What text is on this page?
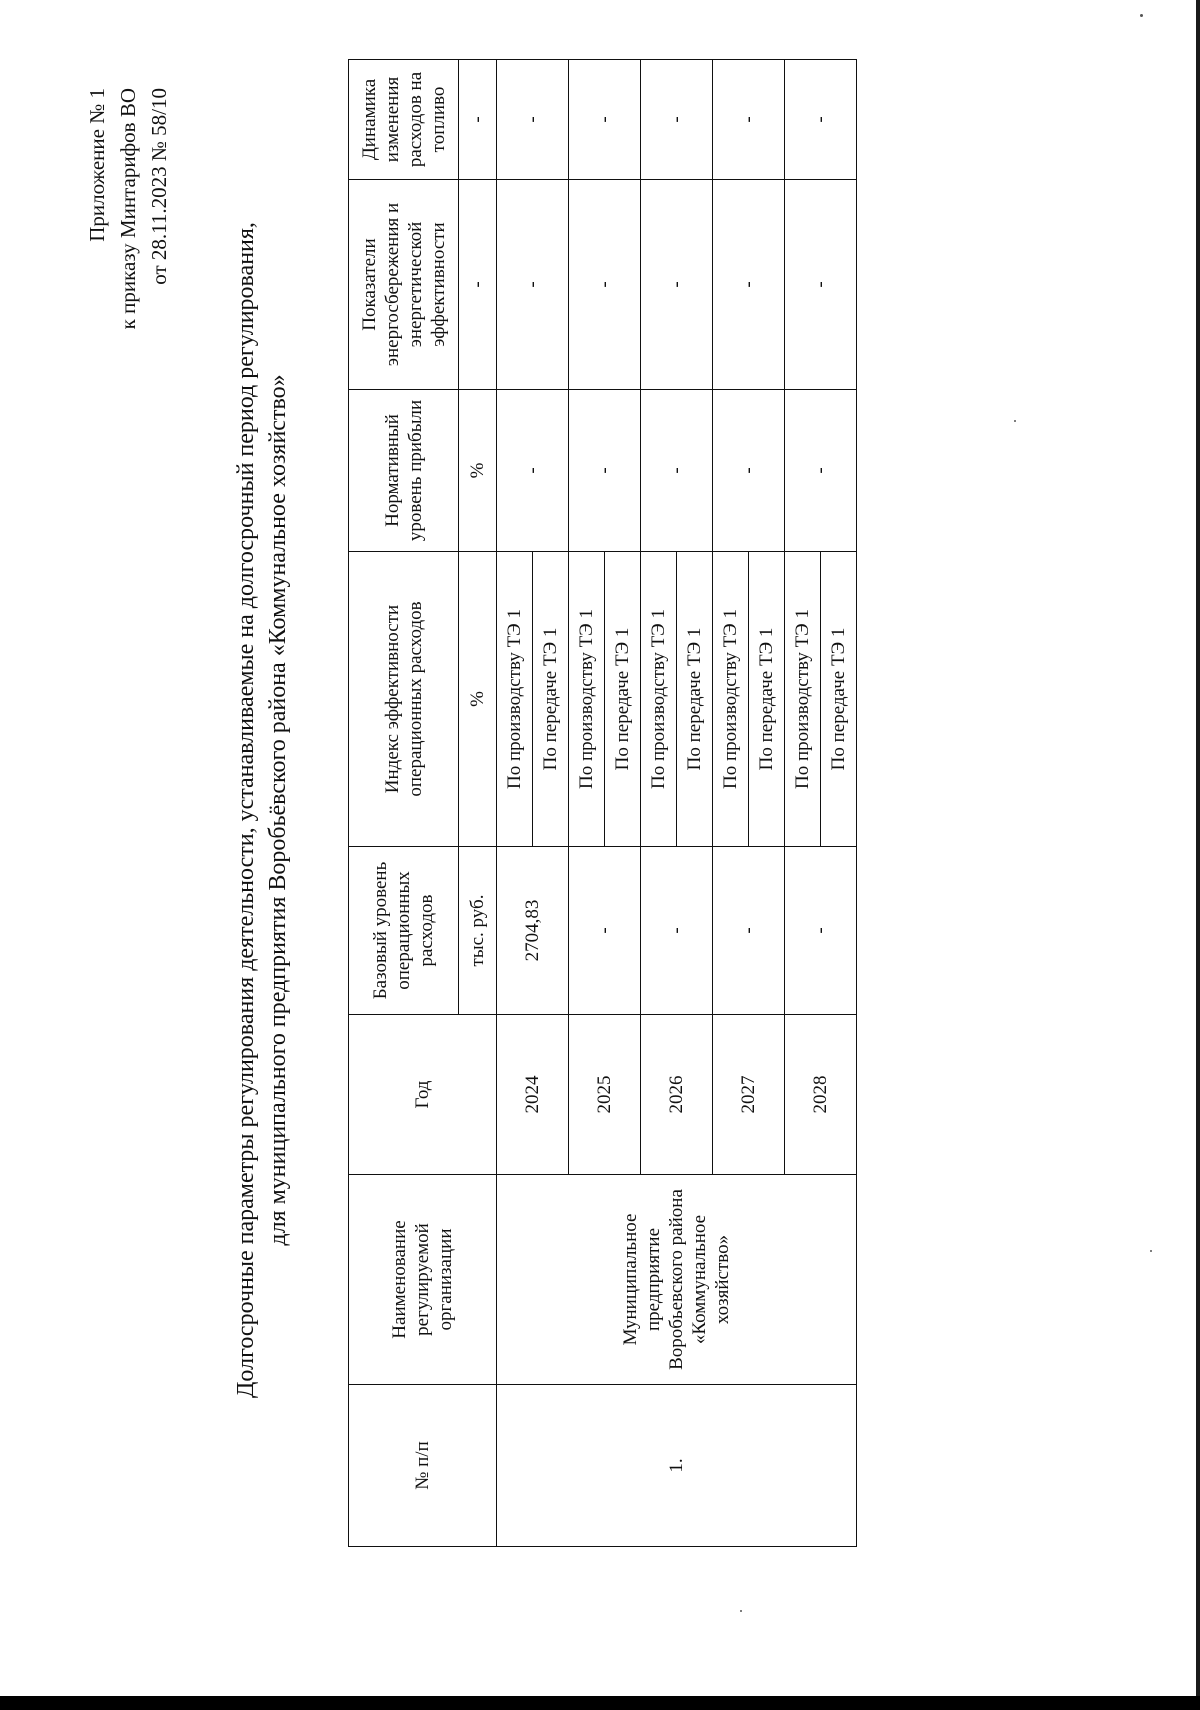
Приложение № 1 к приказу Минтарифов ВО от 28.11.2023 № 58/10
Долгосрочные параметры регулирования деятельности, устанавливаемые на долгосрочный период регулирования, для муниципального предприятия Воробьёвского района «Коммунальное хозяйство»
№ п/п	Наименование регулируемой организации	Год	Базовый уровень операционных расходов	Индекс эффективности операционных расходов	Нормативный уровень прибыли	Показатели энергосбережения и энергетической эффективности	Динамика изменения расходов на топливо
			тыс. руб.	%	%	-	-
1.	Муниципальное предприятие Воробьевского района «Коммунальное хозяйство»	2024	2704,83	По производству ТЭ 1	-	-	-
				По передаче ТЭ 1			
		2025	-	По производству ТЭ 1	-	-	-
				По передаче ТЭ 1			
		2026	-	По производству ТЭ 1	-	-	-
				По передаче ТЭ 1			
		2027	-	По производству ТЭ 1	-	-	-
				По передаче ТЭ 1			
		2028	-	По производству ТЭ 1	-	-	-
				По передаче ТЭ 1			
